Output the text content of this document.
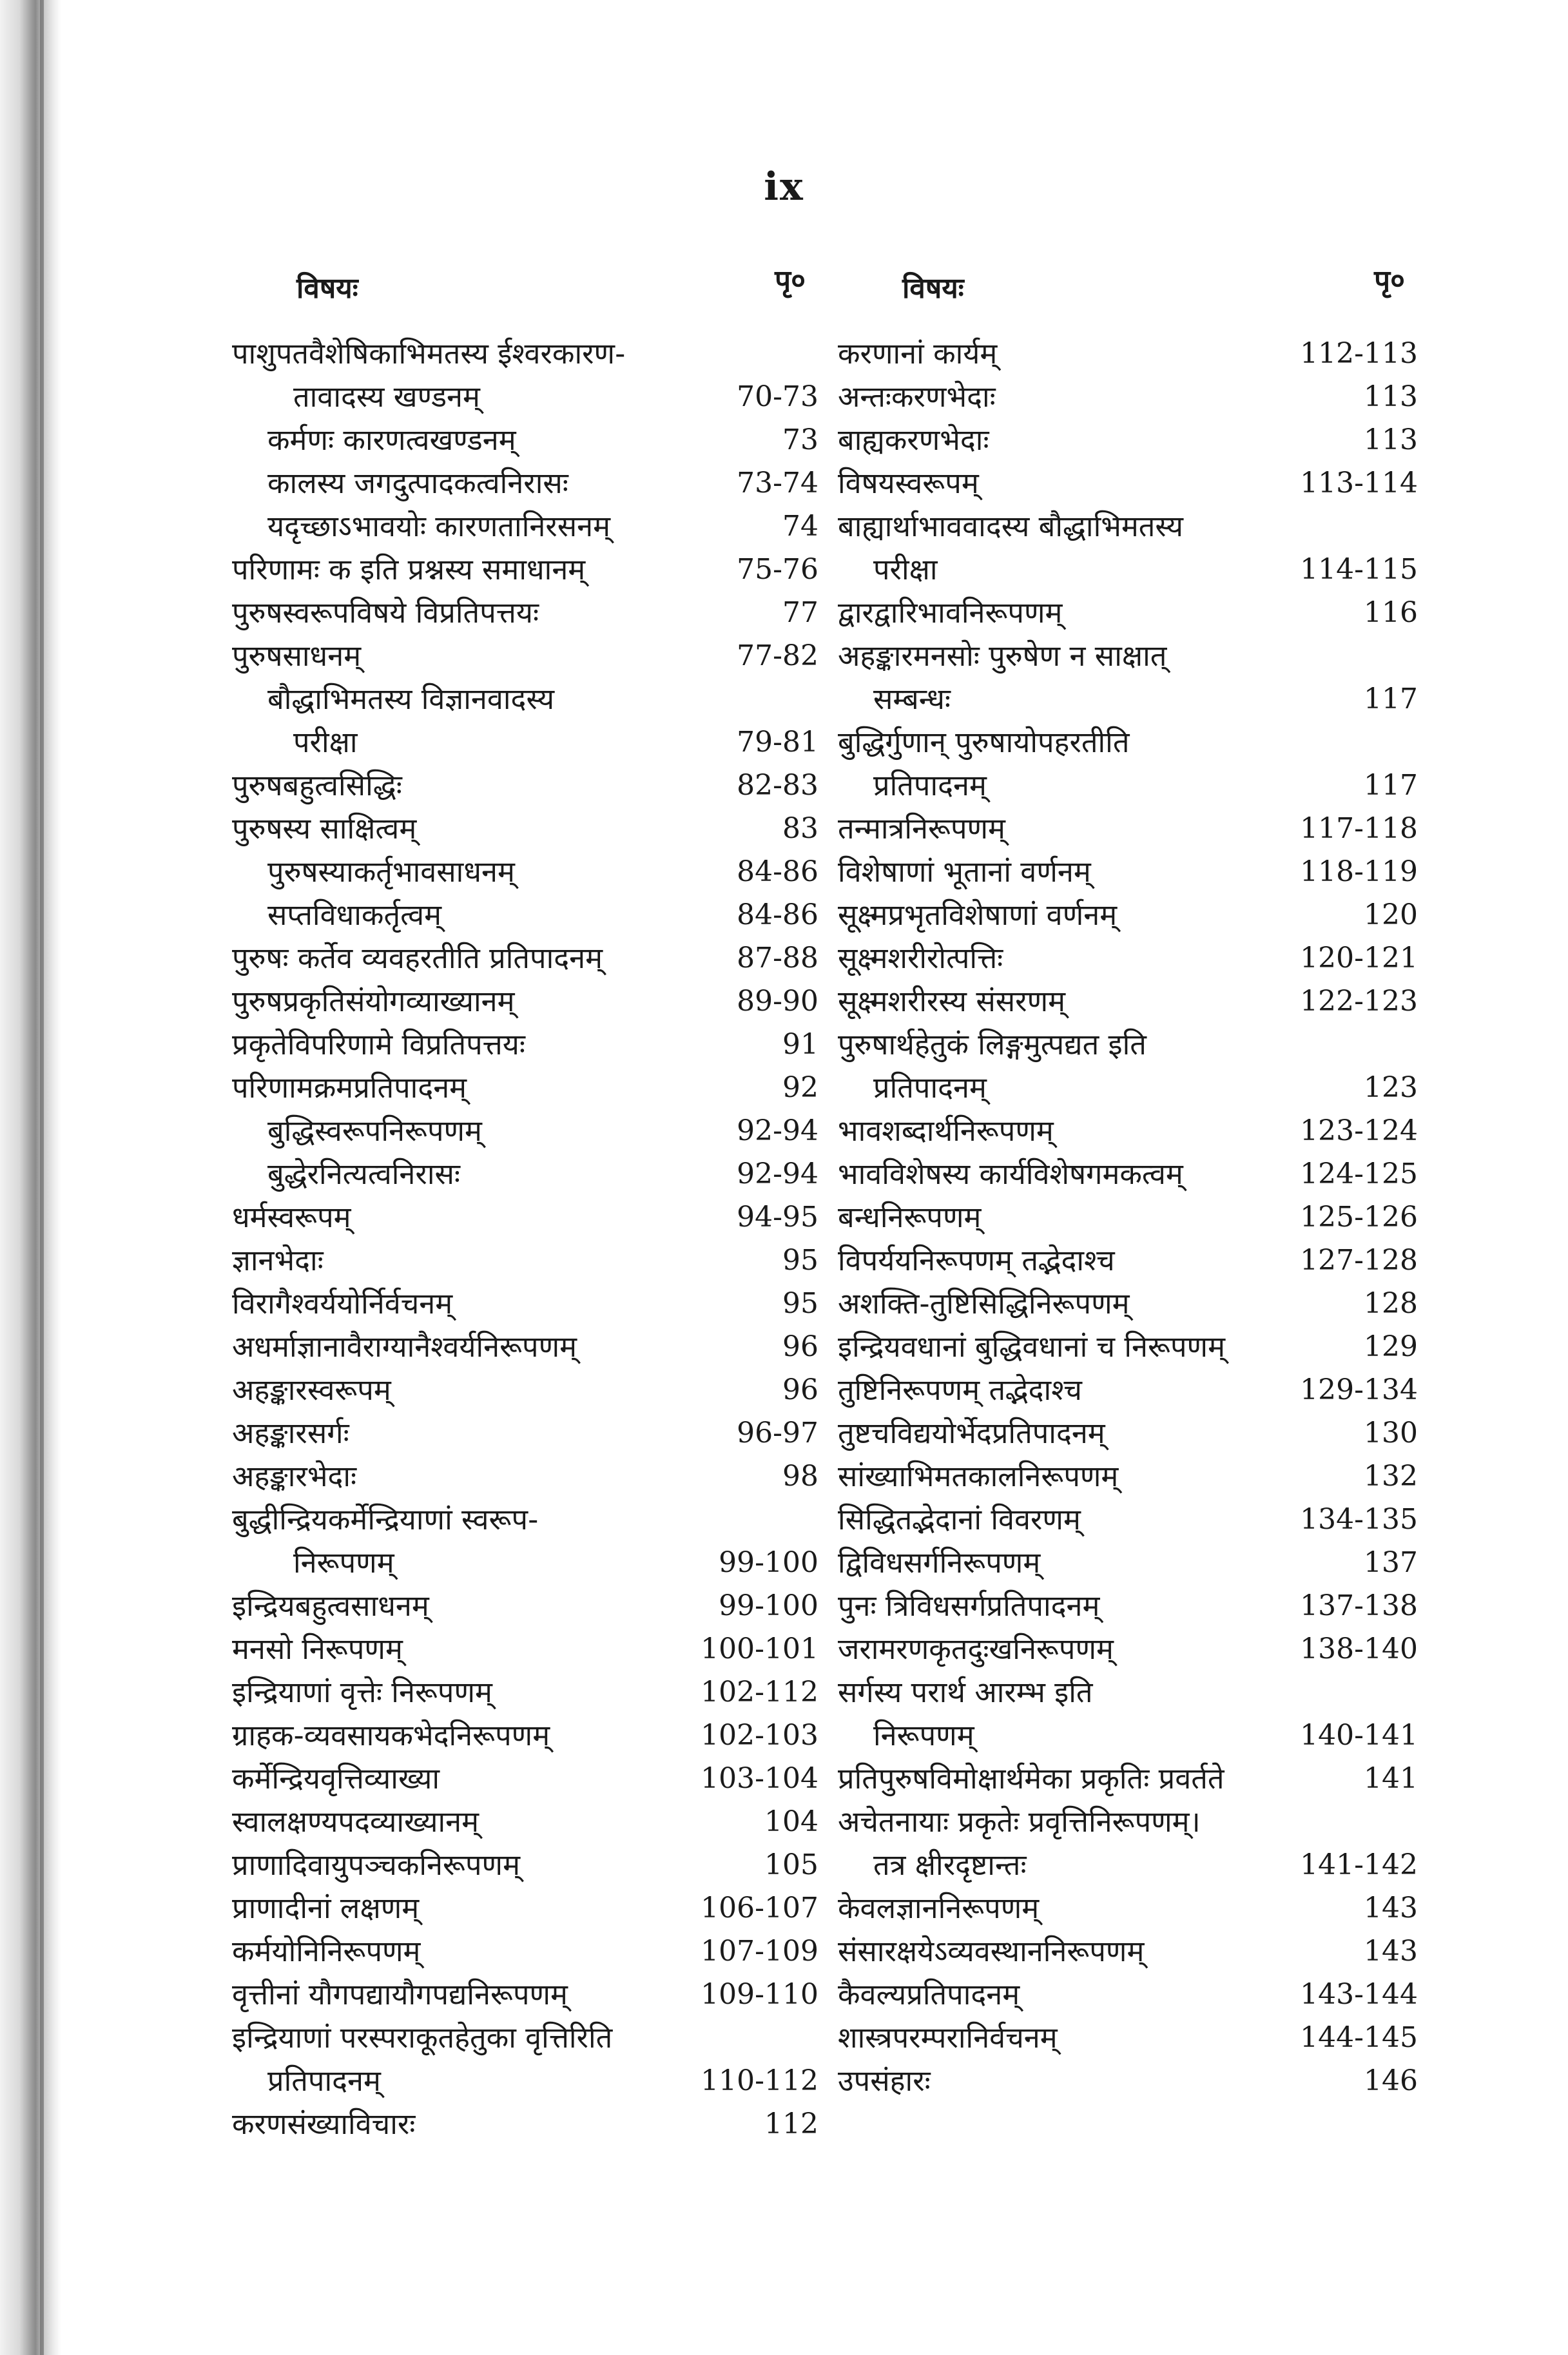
ix
विषयः	पृ०
पाशुपतवैशेषिकाभिमतस्य ईश्वरकारण-
तावादस्य खण्डनम्	70-73
कर्मणः कारणत्वखण्डनम्	73
कालस्य जगदुत्पादकत्वनिरासः	73-74
यदृच्छाऽभावयोः कारणतानिरसनम्	74
परिणामः क इति प्रश्नस्य समाधानम्	75-76
पुरुषस्वरूपविषये विप्रतिपत्तयः	77
पुरुषसाधनम्	77-82
बौद्धाभिमतस्य विज्ञानवादस्य
परीक्षा	79-81
पुरुषबहुत्वसिद्धिः	82-83
पुरुषस्य साक्षित्वम्	83
पुरुषस्याकर्तृभावसाधनम्	84-86
सप्तविधाकर्तृत्वम्	84-86
पुरुषः कर्तेव व्यवहरतीति प्रतिपादनम्	87-88
पुरुषप्रकृतिसंयोगव्याख्यानम्	89-90
प्रकृतेविपरिणामे विप्रतिपत्तयः	91
परिणामक्रमप्रतिपादनम्	92
बुद्धिस्वरूपनिरूपणम्	92-94
बुद्धेरनित्यत्वनिरासः	92-94
धर्मस्वरूपम्	94-95
ज्ञानभेदाः	95
विरागैश्वर्ययोर्निर्वचनम्	95
अधर्माज्ञानावैराग्यानैश्वर्यनिरूपणम्	96
अहङ्कारस्वरूपम्	96
अहङ्कारसर्गः	96-97
अहङ्कारभेदाः	98
बुद्धीन्द्रियकर्मेन्द्रियाणां स्वरूप-
निरूपणम्	99-100
इन्द्रियबहुत्वसाधनम्	99-100
मनसो निरूपणम्	100-101
इन्द्रियाणां वृत्तेः निरूपणम्	102-112
ग्राहक-व्यवसायकभेदनिरूपणम्	102-103
कर्मेन्द्रियवृत्तिव्याख्या	103-104
स्वालक्षण्यपदव्याख्यानम्	104
प्राणादिवायुपञ्चकनिरूपणम्	105
प्राणादीनां लक्षणम्	106-107
कर्मयोनिनिरूपणम्	107-109
वृत्तीनां यौगपद्यायौगपद्यनिरूपणम्	109-110
इन्द्रियाणां परस्पराकूतहेतुका वृत्तिरिति
प्रतिपादनम्	110-112
करणसंख्याविचारः	112
विषयः	पृ०
करणानां कार्यम्	112-113
अन्तःकरणभेदाः	113
बाह्यकरणभेदाः	113
विषयस्वरूपम्	113-114
बाह्यार्थाभाववादस्य बौद्धाभिमतस्य
परीक्षा	114-115
द्वारद्वारिभावनिरूपणम्	116
अहङ्कारमनसोः पुरुषेण न साक्षात्
सम्बन्धः	117
बुद्धिर्गुणान् पुरुषायोपहरतीति
प्रतिपादनम्	117
तन्मात्रनिरूपणम्	117-118
विशेषाणां भूतानां वर्णनम्	118-119
सूक्ष्मप्रभृतविशेषाणां वर्णनम्	120
सूक्ष्मशरीरोत्पत्तिः	120-121
सूक्ष्मशरीरस्य संसरणम्	122-123
पुरुषार्थहेतुकं लिङ्गमुत्पद्यत इति
प्रतिपादनम्	123
भावशब्दार्थनिरूपणम्	123-124
भावविशेषस्य कार्यविशेषगमकत्वम्	124-125
बन्धनिरूपणम्	125-126
विपर्ययनिरूपणम् तद्भेदाश्च	127-128
अशक्ति-तुष्टिसिद्धिनिरूपणम्	128
इन्द्रियवधानां बुद्धिवधानां च निरूपणम्	129
तुष्टिनिरूपणम् तद्भेदाश्च	129-134
तुष्टचविद्ययोर्भेदप्रतिपादनम्	130
सांख्याभिमतकालनिरूपणम्	132
सिद्धितद्भेदानां विवरणम्	134-135
द्विविधसर्गनिरूपणम्	137
पुनः त्रिविधसर्गप्रतिपादनम्	137-138
जरामरणकृतदुःखनिरूपणम्	138-140
सर्गस्य परार्थ आरम्भ इति
निरूपणम्	140-141
प्रतिपुरुषविमोक्षार्थमेका प्रकृतिः प्रवर्तते	141
अचेतनायाः प्रकृतेः प्रवृत्तिनिरूपणम्।
तत्र क्षीरदृष्टान्तः	141-142
केवलज्ञाननिरूपणम्	143
संसारक्षयेऽव्यवस्थाननिरूपणम्	143
कैवल्यप्रतिपादनम्	143-144
शास्त्रपरम्परानिर्वचनम्	144-145
उपसंहारः	146
